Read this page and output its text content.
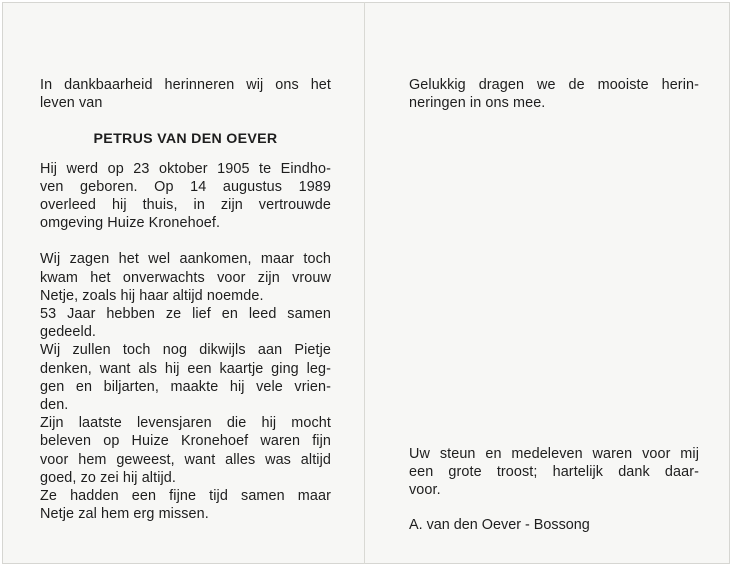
In dankbaarheid herinneren wij ons het
leven van
PETRUS VAN DEN OEVER
Hij werd op 23 oktober 1905 te Eindho-
ven geboren. Op 14 augustus 1989
overleed hij thuis, in zijn vertrouwde
omgeving Huize Kronehoef.
Wij zagen het wel aankomen, maar toch
kwam het onverwachts voor zijn vrouw
Netje, zoals hij haar altijd noemde.
53 Jaar hebben ze lief en leed samen
gedeeld.
Wij zullen toch nog dikwijls aan Pietje
denken, want als hij een kaartje ging leg-
gen en biljarten, maakte hij vele vrien-
den.
Zijn laatste levensjaren die hij mocht
beleven op Huize Kronehoef waren fijn
voor hem geweest, want alles was altijd
goed, zo zei hij altijd.
Ze hadden een fijne tijd samen maar
Netje zal hem erg missen.
Gelukkig dragen we de mooiste herin-
neringen in ons mee.
Uw steun en medeleven waren voor mij
een grote troost; hartelijk dank daar-
voor.
A. van den Oever - Bossong
